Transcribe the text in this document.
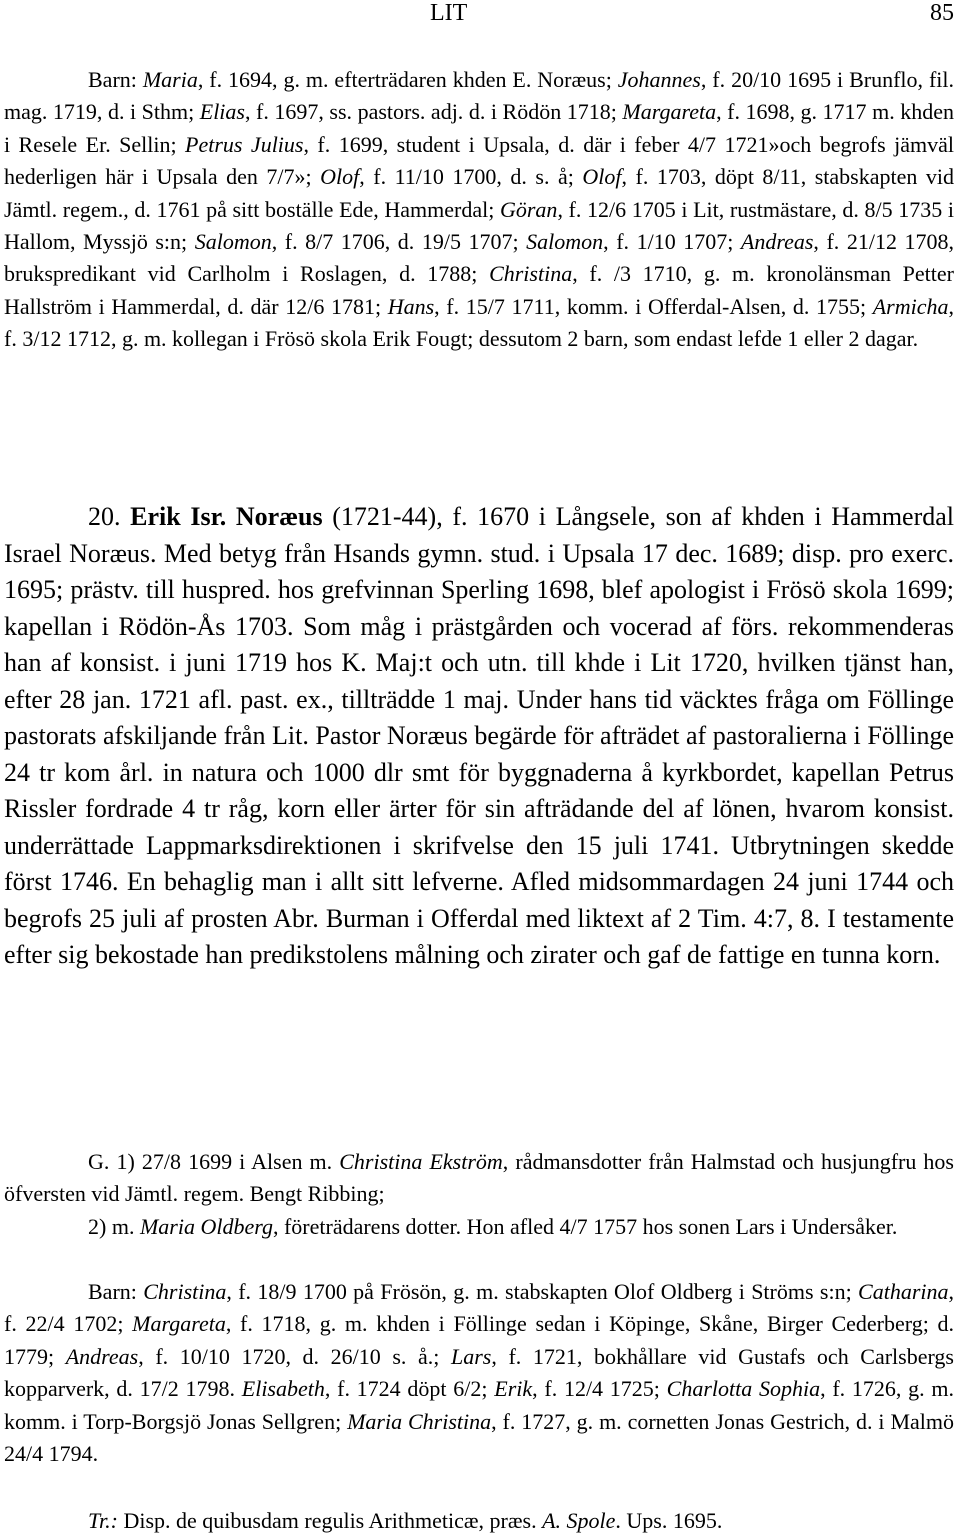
LIT	85

Barn: Maria, f. 1694, g. m. efterträdaren khden E. Noræus; Johannes, f. 20/10 1695 i Brunflo, fil. mag. 1719, d. i Sthm; Elias, f. 1697, ss. pastors. adj. d. i Rödön 1718; Margareta, f. 1698, g. 1717 m. khden i Resele Er. Sellin; Petrus Julius, f. 1699, student i Upsala, d. där i feber 4/7 1721»och begrofs jämväl hederligen här i Upsala den 7/7»; Olof, f. 11/10 1700, d. s. å; Olof, f. 1703, döpt 8/11, stabskapten vid Jämtl. regem., d. 1761 på sitt boställe Ede, Hammerdal; Göran, f. 12/6 1705 i Lit, rustmästare, d. 8/5 1735 i Hallom, Myssjö s:n; Salomon, f. 8/7 1706, d. 19/5 1707; Salomon, f. 1/10 1707; Andreas, f. 21/12 1708, brukspredikant vid Carlholm i Roslagen, d. 1788; Christina, f. /3 1710, g. m. kronolänsman Petter Hallström i Hammerdal, d. där 12/6 1781; Hans, f. 15/7 1711, komm. i Offerdal-Alsen, d. 1755; Armicha, f. 3/12 1712, g. m. kollegan i Frösö skola Erik Fougt; dessutom 2 barn, som endast lefde 1 eller 2 dagar.

20. Erik Isr. Noræus (1721-44), f. 1670 i Långsele, son af khden i Hammerdal Israel Noræus. Med betyg från Hsands gymn. stud. i Upsala 17 dec. 1689; disp. pro exerc. 1695; prästv. till huspred. hos grefvinnan Sperling 1698, blef apologist i Frösö skola 1699; kapellan i Rödön-Ås 1703. Som måg i prästgården och vocerad af förs. rekommenderas han af konsist. i juni 1719 hos K. Maj:t och utn. till khde i Lit 1720, hvilken tjänst han, efter 28 jan. 1721 afl. past. ex., tillträdde 1 maj. Under hans tid väcktes fråga om Föllinge pastorats afskiljande från Lit. Pastor Noræus begärde för afträdet af pastoralierna i Föllinge 24 tr kom årl. in natura och 1000 dlr smt för byggnaderna å kyrkbordet, kapellan Petrus Rissler fordrade 4 tr råg, korn eller ärter för sin afträdande del af lönen, hvarom konsist. underrättade Lappmarksdirektionen i skrifvelse den 15 juli 1741. Utbrytningen skedde först 1746. En behaglig man i allt sitt lefverne. Afled midsommardagen 24 juni 1744 och begrofs 25 juli af prosten Abr. Burman i Offerdal med liktext af 2 Tim. 4:7, 8. I testamente efter sig bekostade han predikstolens målning och zirater och gaf de fattige en tunna korn.

G. 1) 27/8 1699 i Alsen m. Christina Ekström, rådmansdotter från Halmstad och husjungfru hos öfversten vid Jämtl. regem. Bengt Ribbing;

2) m. Maria Oldberg, företrädarens dotter. Hon afled 4/7 1757 hos sonen Lars i Undersåker.

Barn: Christina, f. 18/9 1700 på Frösön, g. m. stabskapten Olof Oldberg i Ströms s:n; Catharina, f. 22/4 1702; Margareta, f. 1718, g. m. khden i Föllinge sedan i Köpinge, Skåne, Birger Cederberg; d. 1779; Andreas, f. 10/10 1720, d. 26/10 s. å.; Lars, f. 1721, bokhållare vid Gustafs och Carlsbergs kopparverk, d. 17/2 1798. Elisabeth, f. 1724 döpt 6/2; Erik, f. 12/4 1725; Charlotta Sophia, f. 1726, g. m. komm. i Torp-Borgsjö Jonas Sellgren; Maria Christina, f. 1727, g. m. cornetten Jonas Gestrich, d. i Malmö 24/4 1794.

Tr.: Disp. de quibusdam regulis Arithmeticæ, præs. A. Spole. Ups. 1695.
